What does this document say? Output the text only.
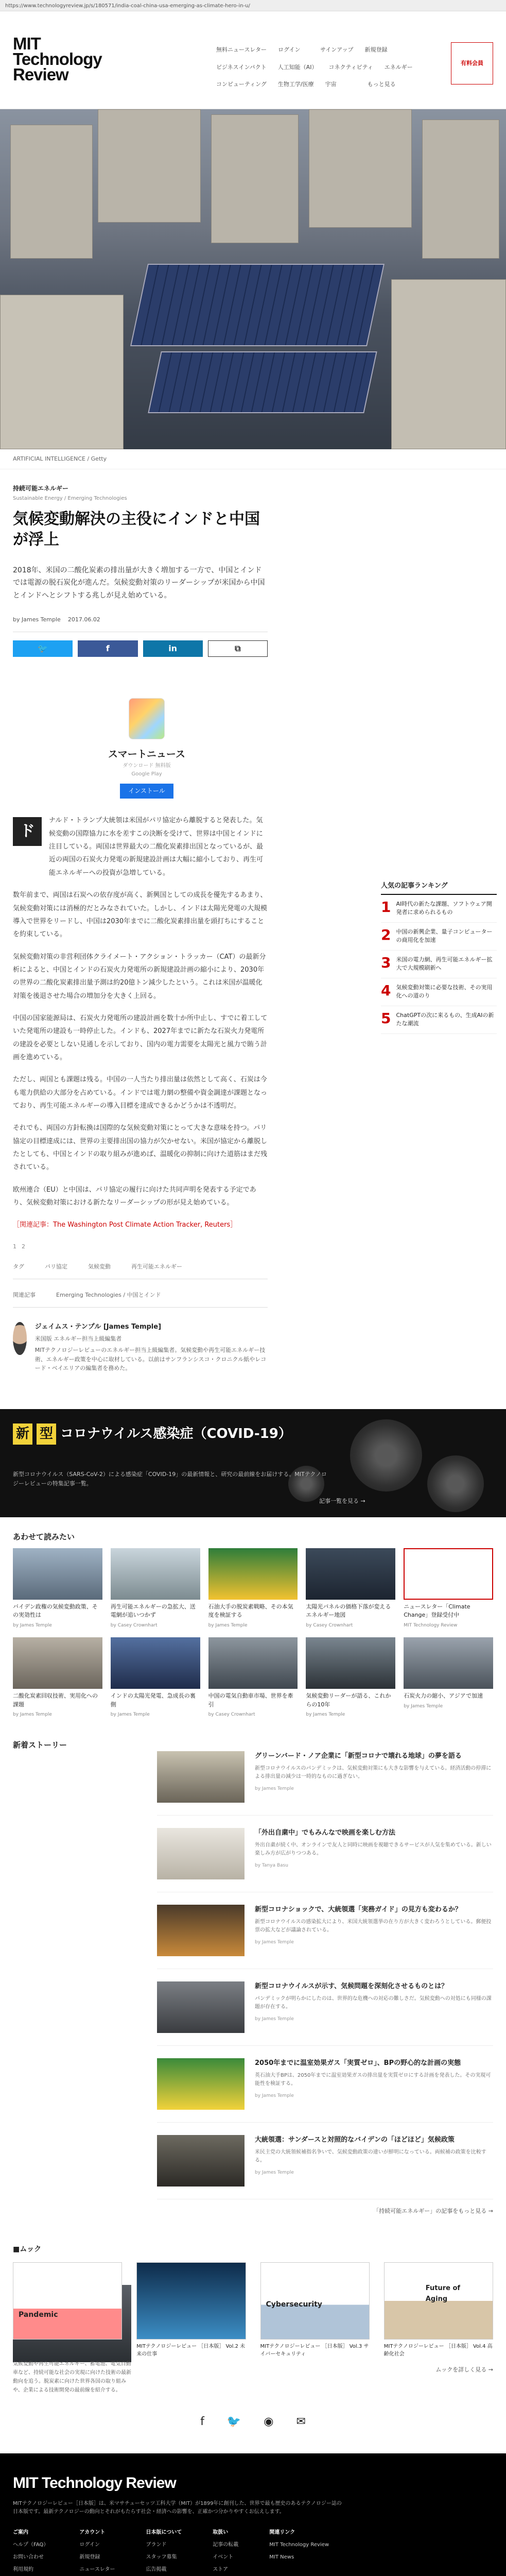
https://www.technologyreview.jp/s/180571/india-coal-china-usa-emerging-as-climate-hero-in-u/
MIT
Technology
Review
無料ニュースレター ログイン	サインアップ 新規登録
ビジネスインパクト 人工知能（AI） コネクティビティ エネルギー
コンピューティング 生物工学/医療 宇宙	もっと見る
有料会員
ARTIFICIAL INTELLIGENCE / Getty
持続可能エネルギー
Sustainable Energy / Emerging Technologies
気候変動解決の主役にインドと中国が浮上

2018年、米国の二酸化炭素の排出量が大きく増加する一方で、中国とインドでは電源の脱石炭化が進んだ。気候変動対策のリーダーシップが米国から中国とインドへとシフトする兆しが見え始めている。

by James Temple 2017.06.02
🐦	f	in	⧉
スマートニュース
ダウンロード 無料版
Google Play
インストール
ド

ナルド・トランプ大統領は米国がパリ協定から離脱すると発表した。気候変動の国際協力に水を差すこの決断を受けて、世界は中国とインドに注目している。両国は世界最大の二酸化炭素排出国となっているが、最近の両国の石炭火力発電の新規建設計画は大幅に縮小しており、再生可能エネルギーへの投資が急増している。

数年前まで、両国は石炭への依存度が高く、新興国としての成長を優先するあまり、気候変動対策には消極的だとみなされていた。しかし、インドは太陽光発電の大規模導入で世界をリードし、中国は2030年までに二酸化炭素排出量を頭打ちにすることを約束している。

気候変動対策の非営利団体クライメート・アクション・トラッカー（CAT）の最新分析によると、中国とインドの石炭火力発電所の新規建設計画の縮小により、2030年の世界の二酸化炭素排出量予測は約20億トン減少したという。これは米国が温暖化対策を後退させた場合の増加分を大きく上回る。

中国の国家能源局は、石炭火力発電所の建設計画を数十か所中止し、すでに着工していた発電所の建設も一時停止した。インドも、2027年までに新たな石炭火力発電所の建設を必要としない見通しを示しており、国内の電力需要を太陽光と風力で賄う計画を進めている。

ただし、両国とも課題は残る。中国の一人当たり排出量は依然として高く、石炭は今も電力供給の大部分を占めている。インドでは電力網の整備や資金調達が課題となっており、再生可能エネルギーの導入目標を達成できるかどうかは不透明だ。

それでも、両国の方針転換は国際的な気候変動対策にとって大きな意味を持つ。パリ協定の目標達成には、世界の主要排出国の協力が欠かせない。米国が協定から離脱したとしても、中国とインドの取り組みが進めば、温暖化の抑制に向けた道筋はまだ残されている。

欧州連合（EU）と中国は、パリ協定の履行に向けた共同声明を発表する予定であり、気候変動対策における新たなリーダーシップの形が見え始めている。

［関連記事：The Washington Post Climate Action Tracker, Reuters］

1 2
タグ	パリ協定	気候変動	再生可能エネルギー
関連記事	Emerging Technologies / 中国とインド
ジェイムス・テンプル [James Temple]
米国版 エネルギー担当上級編集者
MITテクノロジーレビューのエネルギー担当上級編集者。気候変動や再生可能エネルギー技術、エネルギー政策を中心に取材している。以前はサンフランシスコ・クロニクル紙やレコード・ベイエリアの編集者を務めた。
人気の記事ランキング
1 AI時代の新たな課題、ソフトウェア開発者に求められるもの
2 中国の新興企業、量子コンピューターの商用化を加速
3 米国の電力網、再生可能エネルギー拡大で大規模刷新へ
4 気候変動対策に必要な技術、その実用化への道のり
5 ChatGPTの次に来るもの、生成AIの新たな潮流
新 型 コロナウイルス感染症（COVID-19）
新型コロナウイルス（SARS-CoV-2）による感染症「COVID-19」の最新情報と、研究の最前線をお届けする。MITテクノロジーレビューの特集記事一覧。
記事一覧を見る →
あわせて読みたい
バイデン政権の気候変動政策、その実効性は
by James Temple
再生可能エネルギーの急拡大、送電網が追いつかず
by Casey Crownhart
石油大手の脱炭素戦略、その本気度を検証する
by James Temple
太陽光パネルの価格下落が変えるエネルギー地図
by Casey Crownhart
ニュースレター「Climate Change」登録受付中
MIT Technology Review
二酸化炭素回収技術、実用化への課題
by James Temple
インドの太陽光発電、急成長の裏側
by James Temple
中国の電気自動車市場、世界を牽引
by Casey Crownhart
気候変動リーダーが語る、これからの10年
by James Temple
石炭火力の縮小、アジアで加速
by James Temple
新着ストーリー
グリーンバード・ノア企業に「新型コロナで壊れる地球」の夢を語る
新型コロナウイルスのパンデミックは、気候変動対策にも大きな影響を与えている。経済活動の停滞による排出量の減少は一時的なものに過ぎない。
by James Temple
「外出自粛中」でもみんなで映画を楽しむ方法
外出自粛が続く中、オンラインで友人と同時に映画を視聴できるサービスが人気を集めている。新しい楽しみ方が広がりつつある。
by Tanya Basu
新型コロナショックで、大統領選「実務ガイド」の見方も変わるか？
新型コロナウイルスの感染拡大により、米国大統領選挙の在り方が大きく変わろうとしている。郵便投票の拡大などが議論されている。
by James Temple
新型コロナウイルスが示す、気候問題を深刻化させるものとは？
パンデミックが明らかにしたのは、世界的な危機への対応の難しさだ。気候変動への対処にも同様の課題が存在する。
by James Temple
2050年までに温室効果ガス「実質ゼロ」、BPの野心的な計画の実態
英石油大手BPは、2050年までに温室効果ガスの排出量を実質ゼロにする計画を発表した。その実現可能性を検証する。
by James Temple
大統領選：サンダースと対照的なバイデンの「ほどほど」気候政策
米民主党の大統領候補指名争いで、気候変動政策の違いが鮮明になっている。両候補の政策を比較する。
by James Temple
気候変動や再生可能エネルギー、蓄電池、電気自動車など、持続可能な社会の実現に向けた技術の最新動向を追う。脱炭素に向けた世界各国の取り組みや、企業による技術開発の最前線を紹介する。
「持続可能エネルギー」の記事をもっと見る →
■ムック
Pandemic
MITテクノロジーレビュー ［日本版］ Vol.2 未来の仕事
Cybersecurity
MITテクノロジーレビュー ［日本版］ Vol.3 サイバーセキュリティ
Future of Aging
MITテクノロジーレビュー ［日本版］ Vol.4 高齢化社会
ムックを詳しく見る →
f 🐦 ◉ ✉
MIT Technology Review
MITテクノロジーレビュー［日本版］は、米マサチューセッツ工科大学（MIT）が1899年に創刊した、世界で最も歴史のあるテクノロジー誌の日本版です。最新テクノロジーの動向とそれがもたらす社会・経済への影響を、正確かつ分かりやすくお伝えします。
ご案内
ヘルプ（FAQ）
お問い合わせ
利用規約
アカウント
ログイン
新規登録
ニュースレター
日本版について
ブランド
スタッフ募集
広告掲載
取扱い
記事の転載
イベント
ストア
関連リンク
MIT Technology Review
MIT News
